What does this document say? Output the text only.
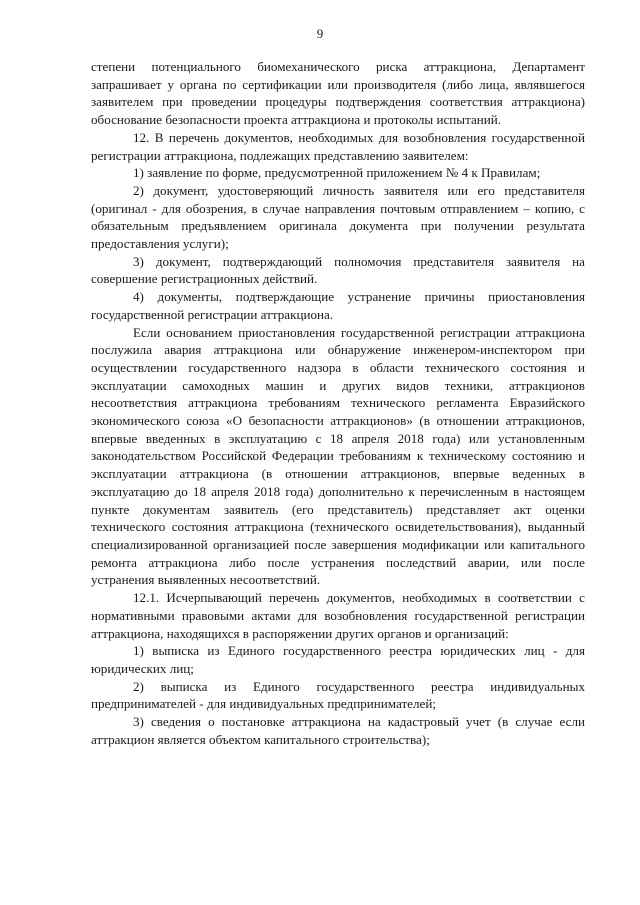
9

степени потенциального биомеханического риска аттракциона, Департамент запрашивает у органа по сертификации или производителя (либо лица, являвшегося заявителем при проведении процедуры подтверждения соответствия аттракциона) обоснование безопасности проекта аттракциона и протоколы испытаний.

12. В перечень документов, необходимых для возобновления государственной регистрации аттракциона, подлежащих представлению заявителем:

1) заявление по форме, предусмотренной приложением № 4 к Правилам;

2) документ, удостоверяющий личность заявителя или его представителя (оригинал - для обозрения, в случае направления почтовым отправлением – копию, с обязательным предъявлением оригинала документа при получении результата предоставления услуги);

3) документ, подтверждающий полномочия представителя заявителя на совершение регистрационных действий.

4) документы, подтверждающие устранение причины приостановления государственной регистрации аттракциона.

Если основанием приостановления государственной регистрации аттракциона послужила авария аттракциона или обнаружение инженером-инспектором при осуществлении государственного надзора в области технического состояния и эксплуатации самоходных машин и других видов техники, аттракционов несоответствия аттракциона требованиям технического регламента Евразийского экономического союза «О безопасности аттракционов» (в отношении аттракционов, впервые введенных в эксплуатацию с 18 апреля 2018 года) или установленным законодательством Российской Федерации требованиям к техническому состоянию и эксплуатации аттракциона (в отношении аттракционов, впервые веденных в эксплуатацию до 18 апреля 2018 года) дополнительно к перечисленным в настоящем пункте документам заявитель (его представитель) представляет акт оценки технического состояния аттракциона (технического освидетельствования), выданный специализированной организацией после завершения модификации или капитального ремонта аттракциона либо после устранения последствий аварии, или после устранения выявленных несоответствий.

12.1. Исчерпывающий перечень документов, необходимых в соответствии с нормативными правовыми актами для возобновления государственной регистрации аттракциона, находящихся в распоряжении других органов и организаций:

1) выписка из Единого государственного реестра юридических лиц - для юридических лиц;

2) выписка из Единого государственного реестра индивидуальных предпринимателей - для индивидуальных предпринимателей;

3) сведения о постановке аттракциона на кадастровый учет (в случае если аттракцион является объектом капитального строительства);
